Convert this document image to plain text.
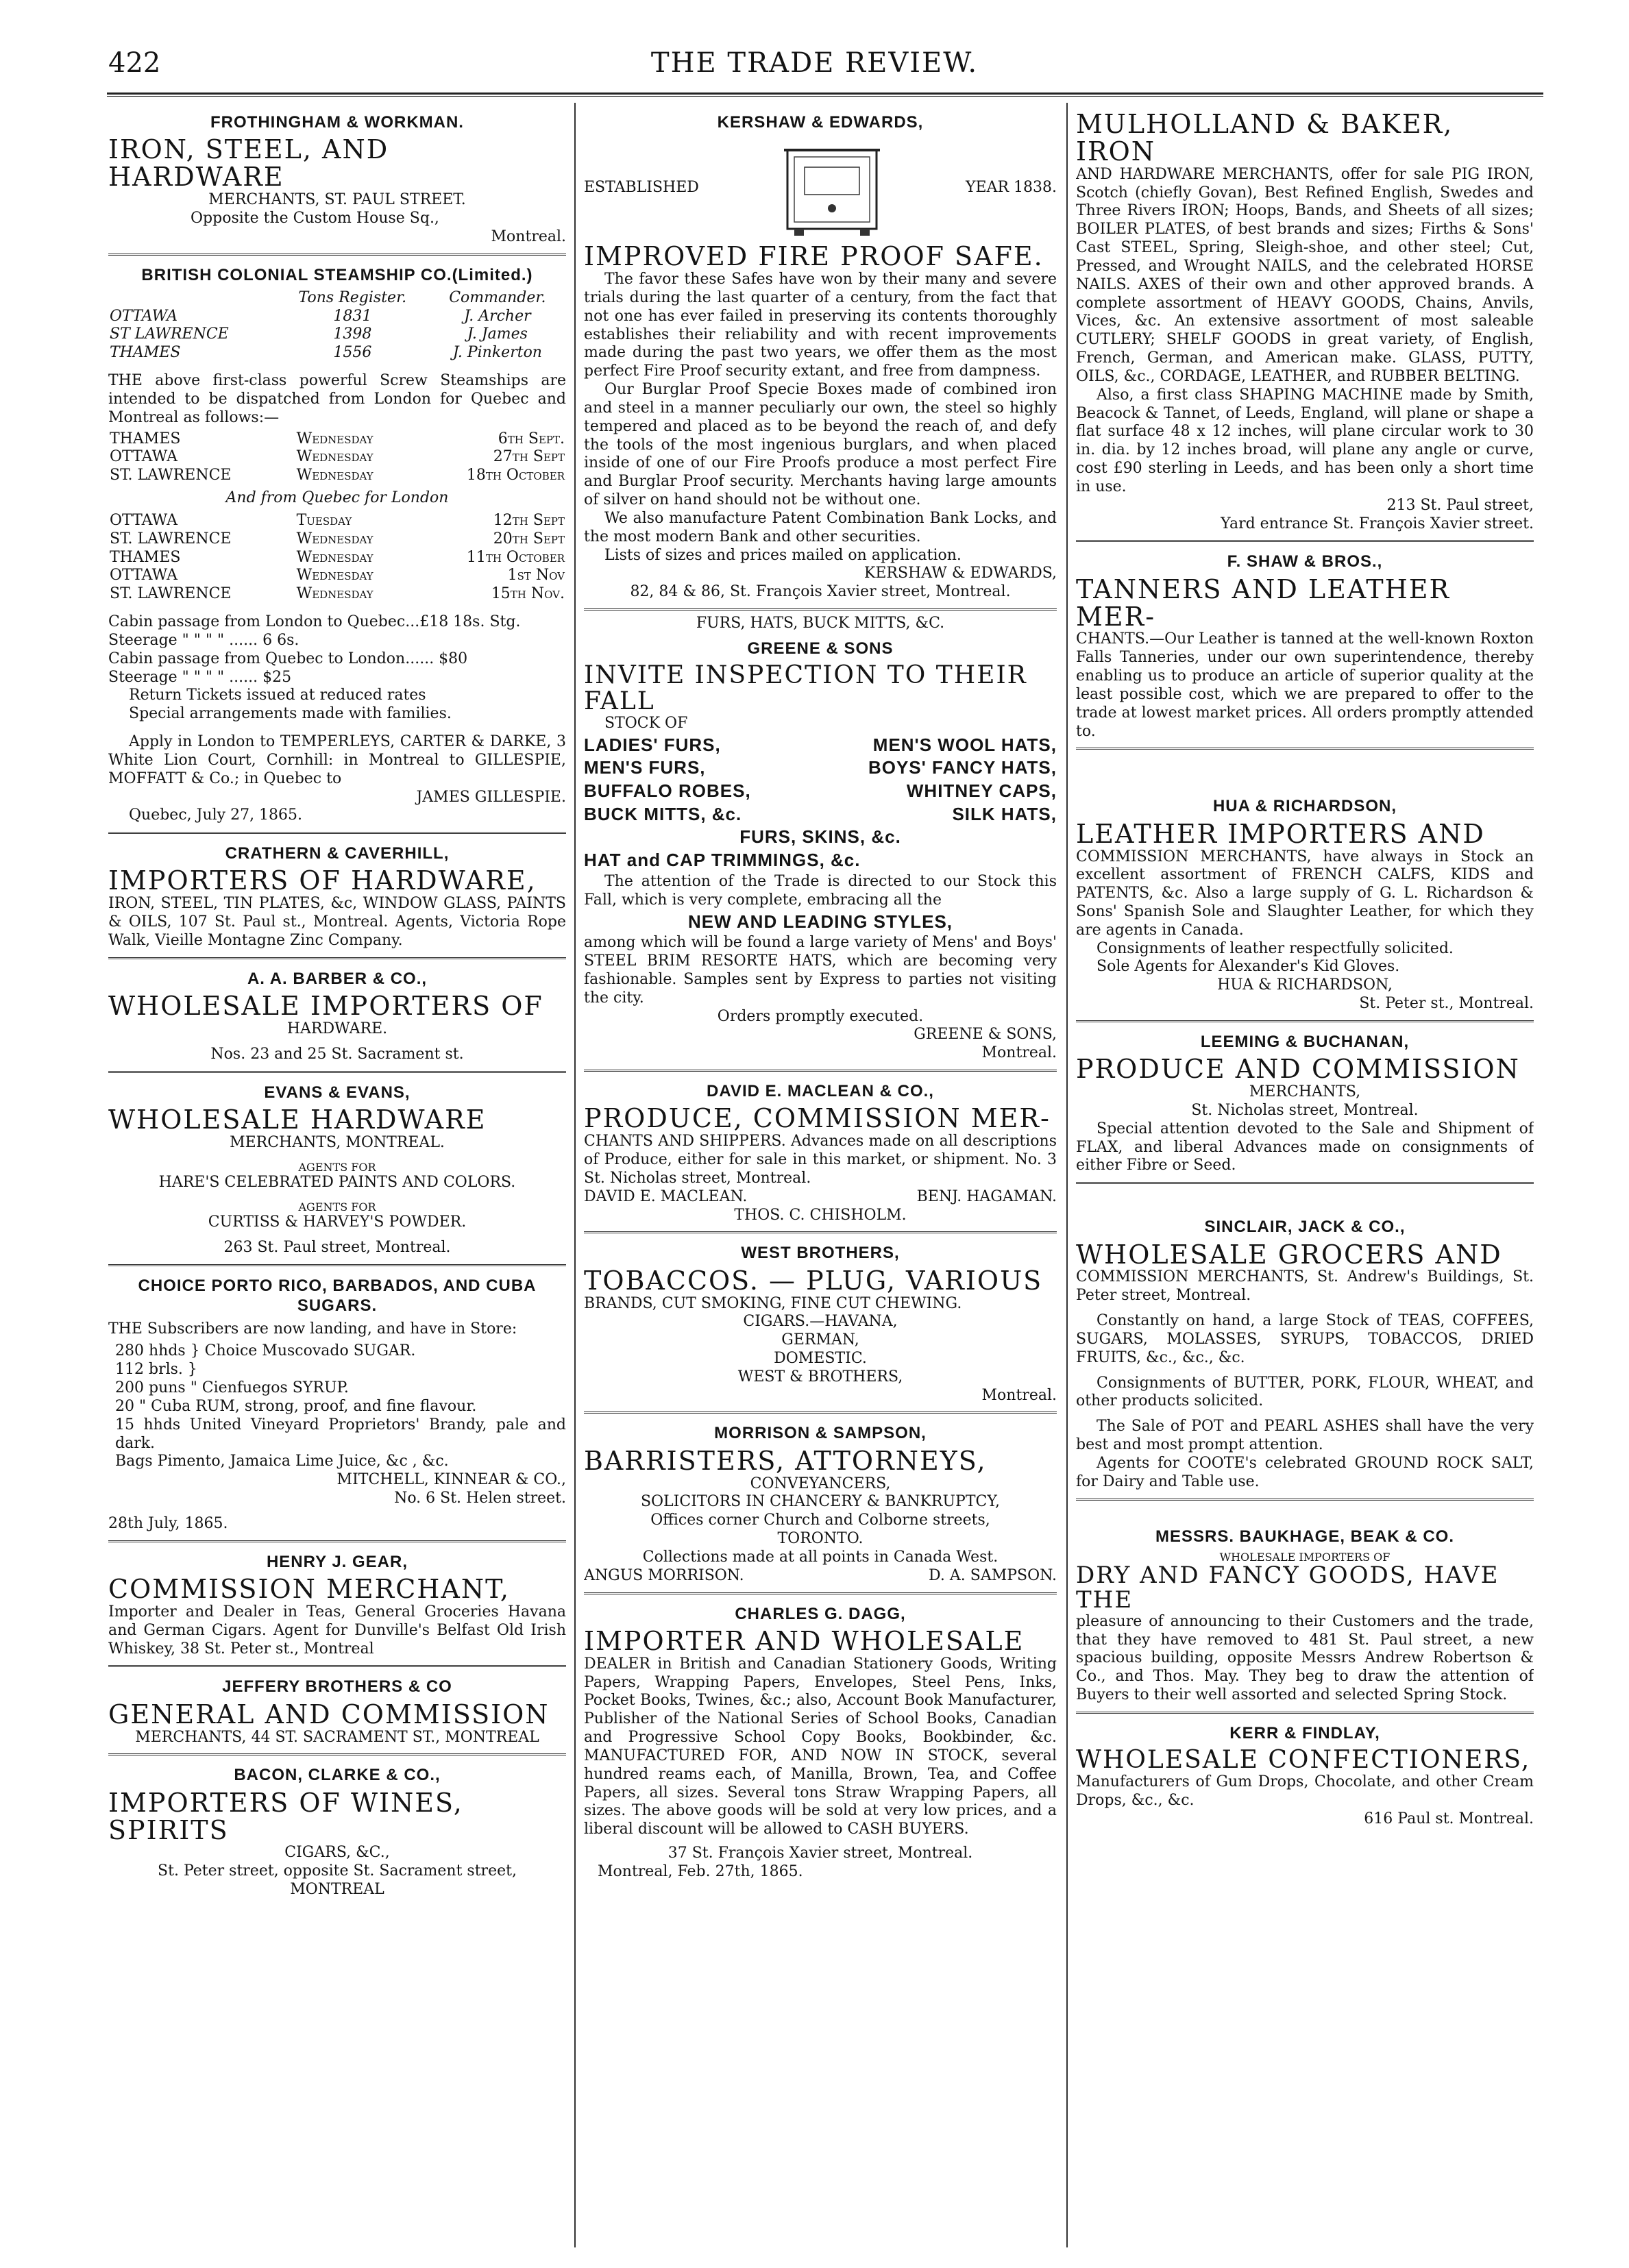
422	THE TRADE REVIEW.
FROTHINGHAM & WORKMAN.
IRON, STEEL, AND HARDWARE
MERCHANTS, ST. PAUL STREET.
Opposite the Custom House Sq.,
Montreal.
BRITISH COLONIAL STEAMSHIP CO.(Limited.)
	Tons Register.	Commander.
OTTAWA	1831	J. Archer
ST LAWRENCE	1398	J. James
THAMES	1556	J. Pinkerton
THE above first-class powerful Screw Steamships are intended to be dispatched from London for Quebec and Montreal as follows:—
THAMES	Wednesday	6th Sept.
OTTAWA	Wednesday	27th Sept
ST. LAWRENCE	Wednesday	18th October
And from Quebec for London
OTTAWA	Tuesday	12th Sept
ST. LAWRENCE	Wednesday	20th Sept
THAMES	Wednesday	11th October
OTTAWA	Wednesday	1st Nov
ST. LAWRENCE	Wednesday	15th Nov.
Cabin passage from London to Quebec...£18 18s. Stg.
Steerage " " " " ...... 6 6s.
Cabin passage from Quebec to London...... $80
Steerage " " " " ...... $25
Return Tickets issued at reduced rates
Special arrangements made with families.
Apply in London to TEMPERLEYS, CARTER & DARKE, 3 White Lion Court, Cornhill: in Montreal to GILLESPIE, MOFFATT & Co.; in Quebec to
JAMES GILLESPIE.
Quebec, July 27, 1865.
CRATHERN & CAVERHILL,
IMPORTERS OF HARDWARE,
IRON, STEEL, TIN PLATES, &c, WINDOW GLASS, PAINTS & OILS, 107 St. Paul st., Montreal. Agents, Victoria Rope Walk, Vieille Montagne Zinc Company.
A. A. BARBER & CO.,
WHOLESALE IMPORTERS OF
HARDWARE.
Nos. 23 and 25 St. Sacrament st.
EVANS & EVANS,
WHOLESALE HARDWARE
MERCHANTS, MONTREAL.
AGENTS FOR
HARE'S CELEBRATED PAINTS AND COLORS.
AGENTS FOR
CURTISS & HARVEY'S POWDER.
263 St. Paul street, Montreal.
CHOICE PORTO RICO, BARBADOS, AND CUBA SUGARS.
THE Subscribers are now landing, and have in Store:
280 hhds } Choice Muscovado SUGAR.
112 brls. }
200 puns " Cienfuegos SYRUP.
20 " Cuba RUM, strong, proof, and fine flavour.
15 hhds United Vineyard Proprietors' Brandy, pale and dark.
Bags Pimento, Jamaica Lime Juice, &c , &c.
MITCHELL, KINNEAR & CO.,
No. 6 St. Helen street.
28th July, 1865.
HENRY J. GEAR,
COMMISSION MERCHANT,
Importer and Dealer in Teas, General Groceries Havana and German Cigars. Agent for Dunville's Belfast Old Irish Whiskey, 38 St. Peter st., Montreal
JEFFERY BROTHERS & CO
GENERAL AND COMMISSION
MERCHANTS, 44 ST. SACRAMENT ST., MONTREAL
BACON, CLARKE & CO.,
IMPORTERS OF WINES, SPIRITS
CIGARS, &C.,
St. Peter street, opposite St. Sacrament street,
MONTREAL
KERSHAW & EDWARDS,
ESTABLISHED	YEAR 1838.
IMPROVED FIRE PROOF SAFE.
The favor these Safes have won by their many and severe trials during the last quarter of a century, from the fact that not one has ever failed in preserving its contents thoroughly establishes their reliability and with recent improvements made during the past two years, we offer them as the most perfect Fire Proof security extant, and free from dampness.
Our Burglar Proof Specie Boxes made of combined iron and steel in a manner peculiarly our own, the steel so highly tempered and placed as to be beyond the reach of, and defy the tools of the most ingenious burglars, and when placed inside of one of our Fire Proofs produce a most perfect Fire and Burglar Proof security. Merchants having large amounts of silver on hand should not be without one.
We also manufacture Patent Combination Bank Locks, and the most modern Bank and other securities.
Lists of sizes and prices mailed on application.
KERSHAW & EDWARDS,
82, 84 & 86, St. François Xavier street, Montreal.
FURS, HATS, BUCK MITTS, &C.
GREENE & SONS
INVITE INSPECTION TO THEIR FALL
STOCK OF
LADIES' FURS,	MEN'S WOOL HATS,
MEN'S FURS,	BOYS' FANCY HATS,
BUFFALO ROBES,	WHITNEY CAPS,
BUCK MITTS, &c.	SILK HATS,
FURS, SKINS, &c.
HAT and CAP TRIMMINGS, &c.
The attention of the Trade is directed to our Stock this Fall, which is very complete, embracing all the
NEW AND LEADING STYLES,
among which will be found a large variety of Mens' and Boys' STEEL BRIM RESORTE HATS, which are becoming very fashionable. Samples sent by Express to parties not visiting the city.
Orders promptly executed.
GREENE & SONS,
Montreal.
DAVID E. MACLEAN & CO.,
PRODUCE, COMMISSION MER-
CHANTS AND SHIPPERS. Advances made on all descriptions of Produce, either for sale in this market, or shipment. No. 3 St. Nicholas street, Montreal.
DAVID E. MACLEAN.	BENJ. HAGAMAN.
THOS. C. CHISHOLM.
WEST BROTHERS,
TOBACCOS. — PLUG, VARIOUS
BRANDS, CUT SMOKING, FINE CUT CHEWING.
CIGARS.—HAVANA,
GERMAN,
DOMESTIC.
WEST & BROTHERS,
Montreal.
MORRISON & SAMPSON,
BARRISTERS, ATTORNEYS,
CONVEYANCERS,
SOLICITORS IN CHANCERY & BANKRUPTCY,
Offices corner Church and Colborne streets,
TORONTO.
Collections made at all points in Canada West.
ANGUS MORRISON.	D. A. SAMPSON.
CHARLES G. DAGG,
IMPORTER AND WHOLESALE
DEALER in British and Canadian Stationery Goods, Writing Papers, Wrapping Papers, Envelopes, Steel Pens, Inks, Pocket Books, Twines, &c.; also, Account Book Manufacturer, Publisher of the National Series of School Books, Canadian and Progressive School Copy Books, Bookbinder, &c. MANUFACTURED FOR, AND NOW IN STOCK, several hundred reams each, of Manilla, Brown, Tea, and Coffee Papers, all sizes. Several tons Straw Wrapping Papers, all sizes. The above goods will be sold at very low prices, and a liberal discount will be allowed to CASH BUYERS.
37 St. François Xavier street, Montreal.
Montreal, Feb. 27th, 1865.
MULHOLLAND & BAKER, IRON
AND HARDWARE MERCHANTS, offer for sale PIG IRON, Scotch (chiefly Govan), Best Refined English, Swedes and Three Rivers IRON; Hoops, Bands, and Sheets of all sizes; BOILER PLATES, of best brands and sizes; Firths & Sons' Cast STEEL, Spring, Sleigh-shoe, and other steel; Cut, Pressed, and Wrought NAILS, and the celebrated HORSE NAILS. AXES of their own and other approved brands. A complete assortment of HEAVY GOODS, Chains, Anvils, Vices, &c. An extensive assortment of most saleable CUTLERY; SHELF GOODS in great variety, of English, French, German, and American make. GLASS, PUTTY, OILS, &c., CORDAGE, LEATHER, and RUBBER BELTING.
Also, a first class SHAPING MACHINE made by Smith, Beacock & Tannet, of Leeds, England, will plane or shape a flat surface 48 x 12 inches, will plane circular work to 30 in. dia. by 12 inches broad, will plane any angle or curve, cost £90 sterling in Leeds, and has been only a short time in use.
213 St. Paul street,
Yard entrance St. François Xavier street.
F. SHAW & BROS.,
TANNERS AND LEATHER MER-
CHANTS.—Our Leather is tanned at the well-known Roxton Falls Tanneries, under our own superintendence, thereby enabling us to produce an article of superior quality at the least possible cost, which we are prepared to offer to the trade at lowest market prices. All orders promptly attended to.
HUA & RICHARDSON,
LEATHER IMPORTERS AND
COMMISSION MERCHANTS, have always in Stock an excellent assortment of FRENCH CALFS, KIDS and PATENTS, &c. Also a large supply of G. L. Richardson & Sons' Spanish Sole and Slaughter Leather, for which they are agents in Canada.
Consignments of leather respectfully solicited.
Sole Agents for Alexander's Kid Gloves.
HUA & RICHARDSON,
St. Peter st., Montreal.
LEEMING & BUCHANAN,
PRODUCE AND COMMISSION
MERCHANTS,
St. Nicholas street, Montreal.
Special attention devoted to the Sale and Shipment of FLAX, and liberal Advances made on consignments of either Fibre or Seed.
SINCLAIR, JACK & CO.,
WHOLESALE GROCERS AND
COMMISSION MERCHANTS, St. Andrew's Buildings, St. Peter street, Montreal.
Constantly on hand, a large Stock of TEAS, COFFEES, SUGARS, MOLASSES, SYRUPS, TOBACCOS, DRIED FRUITS, &c., &c., &c.
Consignments of BUTTER, PORK, FLOUR, WHEAT, and other products solicited.
The Sale of POT and PEARL ASHES shall have the very best and most prompt attention.
Agents for COOTE's celebrated GROUND ROCK SALT, for Dairy and Table use.
MESSRS. BAUKHAGE, BEAK & CO.
WHOLESALE IMPORTERS OF
DRY AND FANCY GOODS, HAVE THE
pleasure of announcing to their Customers and the trade, that they have removed to 481 St. Paul street, a new spacious building, opposite Messrs Andrew Robertson & Co., and Thos. May. They beg to draw the attention of Buyers to their well assorted and selected Spring Stock.
KERR & FINDLAY,
WHOLESALE CONFECTIONERS,
Manufacturers of Gum Drops, Chocolate, and other Cream Drops, &c., &c.
616 Paul st. Montreal.
